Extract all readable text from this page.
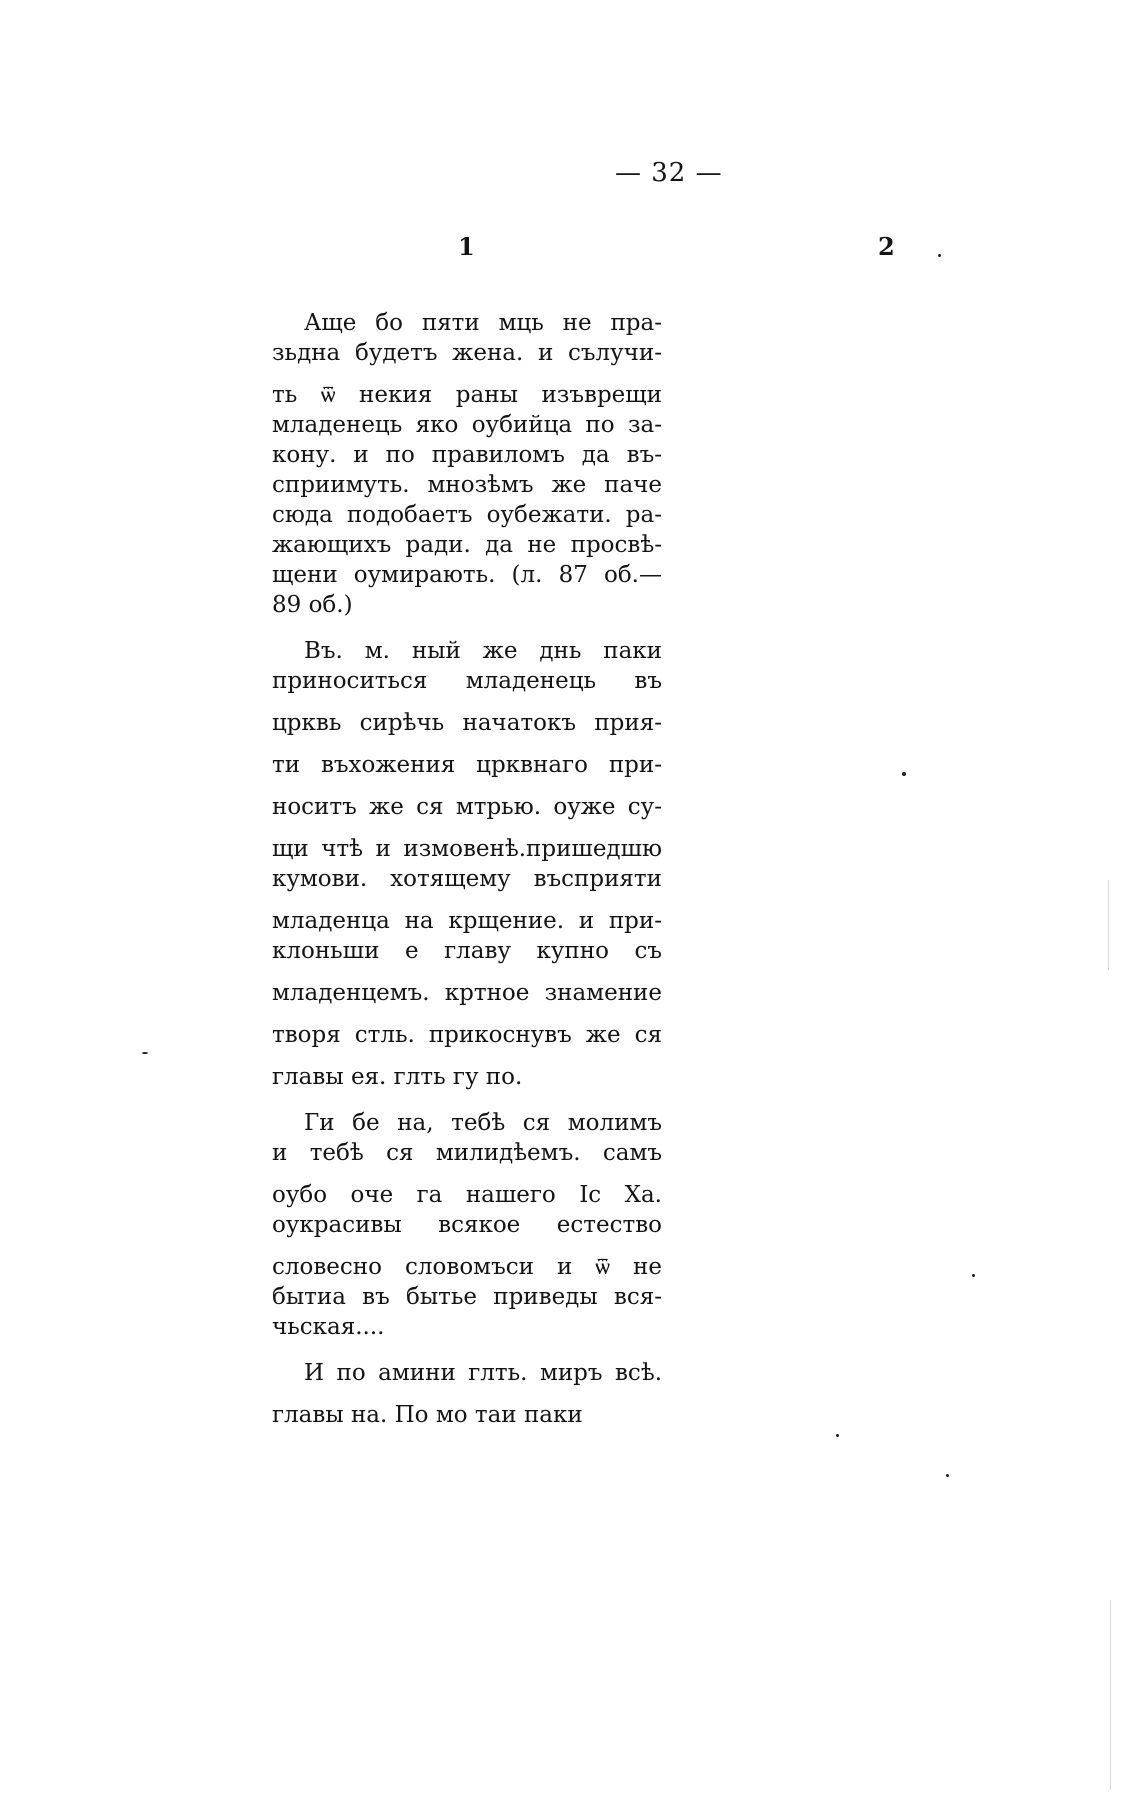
— 32 —
1	2

Аще бо пяти мць не пра-
зьдна будетъ жена. и сълучи-
ть ѿ некия раны изъврещи
младенець яко оубийца по за-
кону. и по правиломъ да въ-
сприимуть. мнозѣмъ же паче
сюда подобаетъ оубежати. ра-
жающихъ ради. да не просвѣ-
щени оумирають. (л. 87 об.—
89 об.)

Въ. м. ный же днь паки
приноситься младенець въ
црквь сирѣчь начатокъ прия-
ти въхожения црквнаго при-
носитъ же ся мтрью. оуже су-
щи чтѣ и измовенѣ.пришедшю
кумови. хотящему въсприяти
младенца на крщение. и при-
клоньши е главу купно съ
младенцемъ. кртное знамение
творя стль. прикоснувъ же ся
главы ея. глть гу по.

Ги бе на, тебѣ ся молимъ
и тебѣ ся милидѣемъ. самъ
оубо оче га нашего Іс Ха.
оукрасивы всякое естество
словесно словомъси и ѿ не
бытиа въ бытье приведы вся-
чьская....

И по амини глть. миръ всѣ.
главы на. По мо таи паки
